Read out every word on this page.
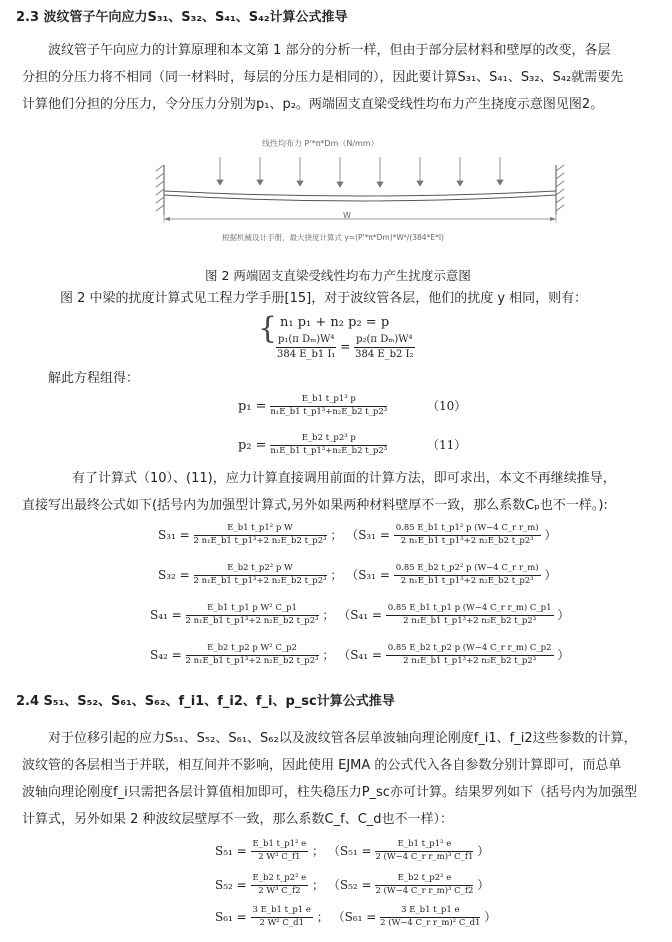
2.3 波纹管子午向应力S₃₁、S₃₂、S₄₁、S₄₂计算公式推导
波纹管子午向应力的计算原理和本文第 1 部分的分析一样，但由于部分层材料和壁厚的改变，各层
分担的分压力将不相同（同一材料时，每层的分压力是相同的），因此要计算S₃₁、S₄₁、S₃₂、S₄₂就需要先
计算他们分担的分压力，令分压力分别为p₁、p₂。两端固支直梁受线性均布力产生挠度示意图见图2。
线性均布力 P'*π*Dm（N/mm）
W
根据机械设计手册，最大挠度计算式 y=(P'*π*Dm)*W⁴/(384*E*I)
图 2 两端固支直梁受线性均布力产生扰度示意图
图 2 中梁的扰度计算式见工程力学手册[15]，对于波纹管各层，他们的扰度 y 相同，则有：
{ n₁ p₁ + n₂ p₂ = p
$\frac{\text{p₁(π Dₘ)W⁴}}{\text{384 E\_b1 I₁}} = \frac{\text{p₂(π Dₘ)W⁴}}{\text{384 E\_b2 I₂}}$
解此方程组得：
$p_1 = \frac{\text{E\_b1 t\_p1³ p}}{\text{n₁E\_b1 t\_p1³+n₂E\_b2 t\_p2³}}$	（10）
$p_2 = \frac{\text{E\_b2 t\_p2³ p}}{\text{n₁E\_b1 t\_p1³+n₂E\_b2 t\_p2³}}$	（11）
有了计算式（10）、(11)，应力计算直接调用前面的计算方法，即可求出，本文不再继续推导，
直接写出最终公式如下(括号内为加强型计算式,另外如果两种材料壁厚不一致，那么系数Cₚ也不一样。):
$S_{31} = \frac{\text{E\_b1 t\_p1² p W}}{\text{2 n₁E\_b1 t\_p1³+2 n₂E\_b2 t\_p2³}}$ ； （$S_{31} = \frac{\text{0.85 E\_b1 t\_p1² p (W−4 C\_r r\_m)}}{\text{2 n₁E\_b1 t\_p1³+2 n₂E\_b2 t\_p2³}}$ ）
$S_{32} = \frac{\text{E\_b2 t\_p2² p W}}{\text{2 n₁E\_b1 t\_p1³+2 n₂E\_b2 t\_p2³}}$ ； （$S_{31} = \frac{\text{0.85 E\_b2 t\_p2² p (W−4 C\_r r\_m)}}{\text{2 n₁E\_b1 t\_p1³+2 n₂E\_b2 t\_p2³}}$ ）
$S_{41} = \frac{\text{E\_b1 t\_p1 p W² C\_p1}}{\text{2 n₁E\_b1 t\_p1³+2 n₂E\_b2 t\_p2³}}$ ； （$S_{41} = \frac{\text{0.85 E\_b1 t\_p1 p (W−4 C\_r r\_m) C\_p1}}{\text{2 n₁E\_b1 t\_p1³+2 n₂E\_b2 t\_p2³}}$ ）
$S_{42} = \frac{\text{E\_b2 t\_p2 p W² C\_p2}}{\text{2 n₁E\_b1 t\_p1³+2 n₂E\_b2 t\_p2³}}$ ； （$S_{41} = \frac{\text{0.85 E\_b2 t\_p2 p (W−4 C\_r r\_m) C\_p2}}{\text{2 n₁E\_b1 t\_p1³+2 n₂E\_b2 t\_p2³}}$ ）
2.4 S₅₁、S₅₂、S₆₁、S₆₂、f_i1、f_i2、f_i、p_sc计算公式推导
对于位移引起的应力S₅₁、S₅₂、S₆₁、S₆₂以及波纹管各层单波轴向理论刚度f_i1、f_i2这些参数的计算，
波纹管的各层相当于并联，相互间并不影响，因此使用 EJMA 的公式代入各自参数分别计算即可，而总单
波轴向理论刚度f_i只需把各层计算值相加即可，柱失稳压力P_sc亦可计算。结果罗列如下（括号内为加强型
计算式，另外如果 2 种波纹层壁厚不一致，那么系数C_f、C_d也不一样）：
$S_{51} = \frac{\text{E\_b1 t\_p1² e}}{\text{2 W³ C\_f1}}$ ； （$S_{51} = \frac{\text{E\_b1 t\_p1² e}}{\text{2 (W−4 C\_r r\_m)³ C\_f1}}$ ）
$S_{52} = \frac{\text{E\_b2 t\_p2² e}}{\text{2 W³ C\_f2}}$ ； （$S_{52} = \frac{\text{E\_b2 t\_p2² e}}{\text{2 (W−4 C\_r r\_m)³ C\_f2}}$ ）
$S_{61} = \frac{3 E\_b1 t\_p1 e}{\text{2 W² C\_d1}}$ ； （$S_{61} = \frac{3 E\_b1 t\_p1 e}{\text{2 (W−4 C\_r r\_m)² C\_d1}}$ ）
